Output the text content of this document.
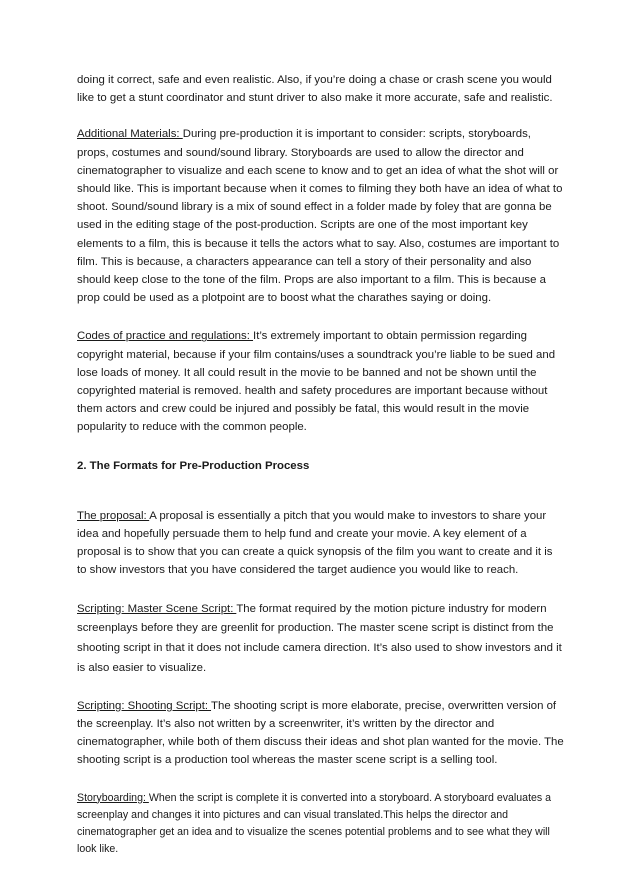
doing it correct, safe and even realistic. Also, if you’re doing a chase or crash scene you would like to get a stunt coordinator and stunt driver to also make it more accurate, safe and realistic.

Additional Materials: During pre-production it is important to consider: scripts, storyboards, props, costumes and sound/sound library. Storyboards are used to allow the director and cinematographer to visualize and each scene to know and to get an idea of what the shot will or should like. This is important because when it comes to filming they both have an idea of what to shoot. Sound/sound library is a mix of sound effect in a folder made by foley that are gonna be used in the editing stage of the post-production. Scripts are one of the most important key elements to a film, this is because it tells the actors what to say. Also, costumes are important to film. This is because, a characters appearance can tell a story of their personality and also should keep close to the tone of the film. Props are also important to a film. This is because a prop could be used as a plotpoint are to boost what the charathes saying or doing.

Codes of practice and regulations: It’s extremely important to obtain permission regarding copyright material, because if your film contains/uses a soundtrack you’re liable to be sued and lose loads of money. It all could result in the movie to be banned and not be shown until the copyrighted material is removed. health and safety procedures are important because without them actors and crew could be injured and possibly be fatal, this would result in the movie popularity to reduce with the common people.

2. The Formats for Pre-Production Process

The proposal: A proposal is essentially a pitch that you would make to investors to share your idea and hopefully persuade them to help fund and create your movie. A key element of a proposal is to show that you can create a quick synopsis of the film you want to create and it is to show investors that you have considered the target audience you would like to reach.

Scripting: Master Scene Script: The format required by the motion picture industry for modern screenplays before they are greenlit for production. The master scene script is distinct from the shooting script in that it does not include camera direction. It’s also used to show investors and it is also easier to visualize.

Scripting: Shooting Script: The shooting script is more elaborate, precise, overwritten version of the screenplay. It’s also not written by a screenwriter, it’s written by the director and cinematographer, while both of them discuss their ideas and shot plan wanted for the movie. The shooting script is a production tool whereas the master scene script is a selling tool.

Storyboarding: When the script is complete it is converted into a storyboard. A storyboard evaluates a screenplay and changes it into pictures and can visual translated.This helps the director and cinematographer get an idea and to visualize the scenes potential problems and to see what they will look like.
